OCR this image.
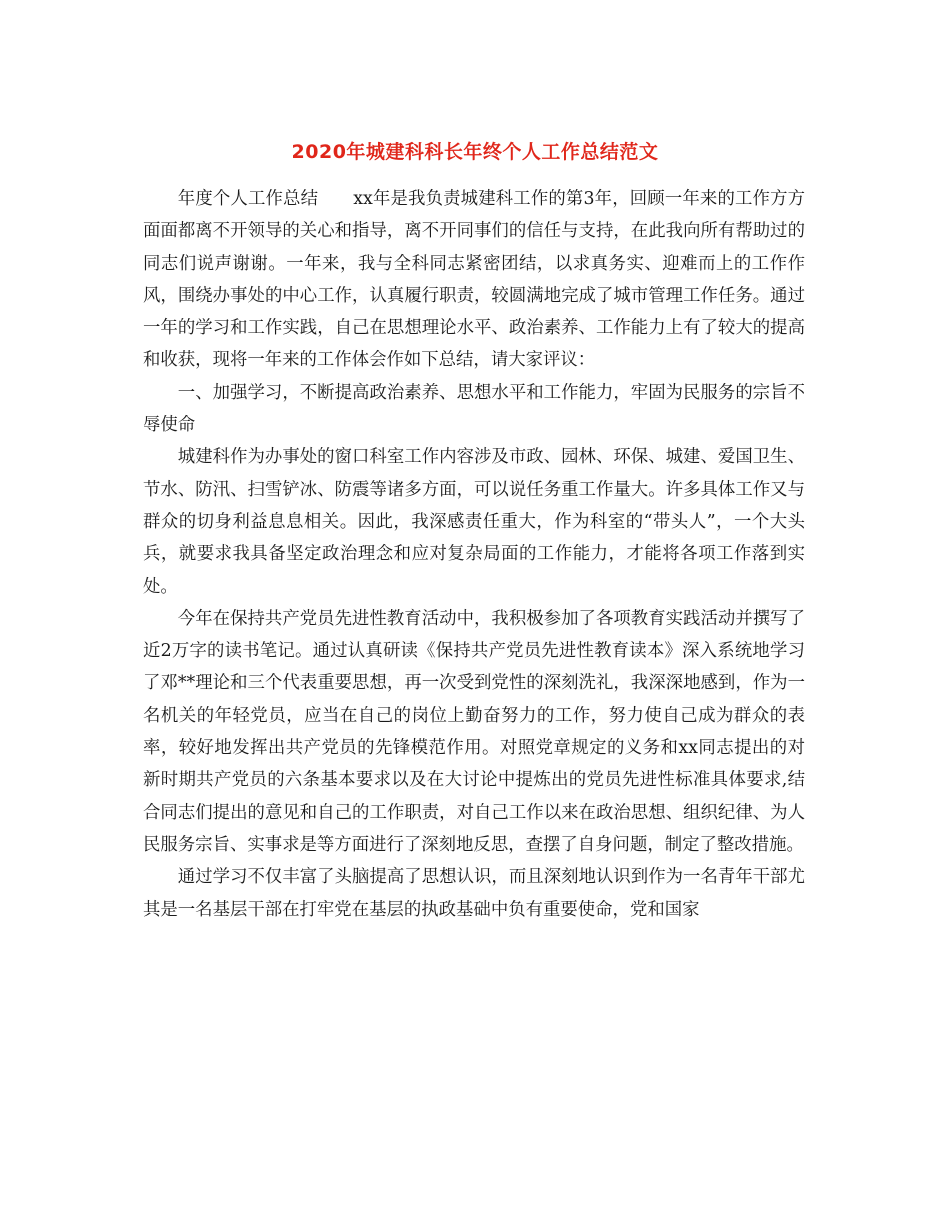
2020年城建科科长年终个人工作总结范文

年度个人工作总结　　xx年是我负责城建科工作的第3年，回顾一年来的工作方方面面都离不开领导的关心和指导，离不开同事们的信任与支持，在此我向所有帮助过的同志们说声谢谢。一年来，我与全科同志紧密团结，以求真务实、迎难而上的工作作风，围绕办事处的中心工作，认真履行职责，较圆满地完成了城市管理工作任务。通过一年的学习和工作实践，自己在思想理论水平、政治素养、工作能力上有了较大的提高和收获，现将一年来的工作体会作如下总结，请大家评议：

一、加强学习，不断提高政治素养、思想水平和工作能力，牢固为民服务的宗旨不辱使命

城建科作为办事处的窗口科室工作内容涉及市政、园林、环保、城建、爱国卫生、节水、防汛、扫雪铲冰、防震等诸多方面，可以说任务重工作量大。许多具体工作又与群众的切身利益息息相关。因此，我深感责任重大，作为科室的“带头人”，一个大头兵，就要求我具备坚定政治理念和应对复杂局面的工作能力，才能将各项工作落到实处。

今年在保持共产党员先进性教育活动中，我积极参加了各项教育实践活动并撰写了近2万字的读书笔记。通过认真研读《保持共产党员先进性教育读本》深入系统地学习了邓**理论和三个代表重要思想，再一次受到党性的深刻洗礼，我深深地感到，作为一名机关的年轻党员，应当在自己的岗位上勤奋努力的工作，努力使自己成为群众的表率，较好地发挥出共产党员的先锋模范作用。对照党章规定的义务和xx同志提出的对新时期共产党员的六条基本要求以及在大讨论中提炼出的党员先进性标准具体要求,结合同志们提出的意见和自己的工作职责，对自己工作以来在政治思想、组织纪律、为人民服务宗旨、实事求是等方面进行了深刻地反思，查摆了自身问题，制定了整改措施。

通过学习不仅丰富了头脑提高了思想认识，而且深刻地认识到作为一名青年干部尤其是一名基层干部在打牢党在基层的执政基础中负有重要使命，党和国家
